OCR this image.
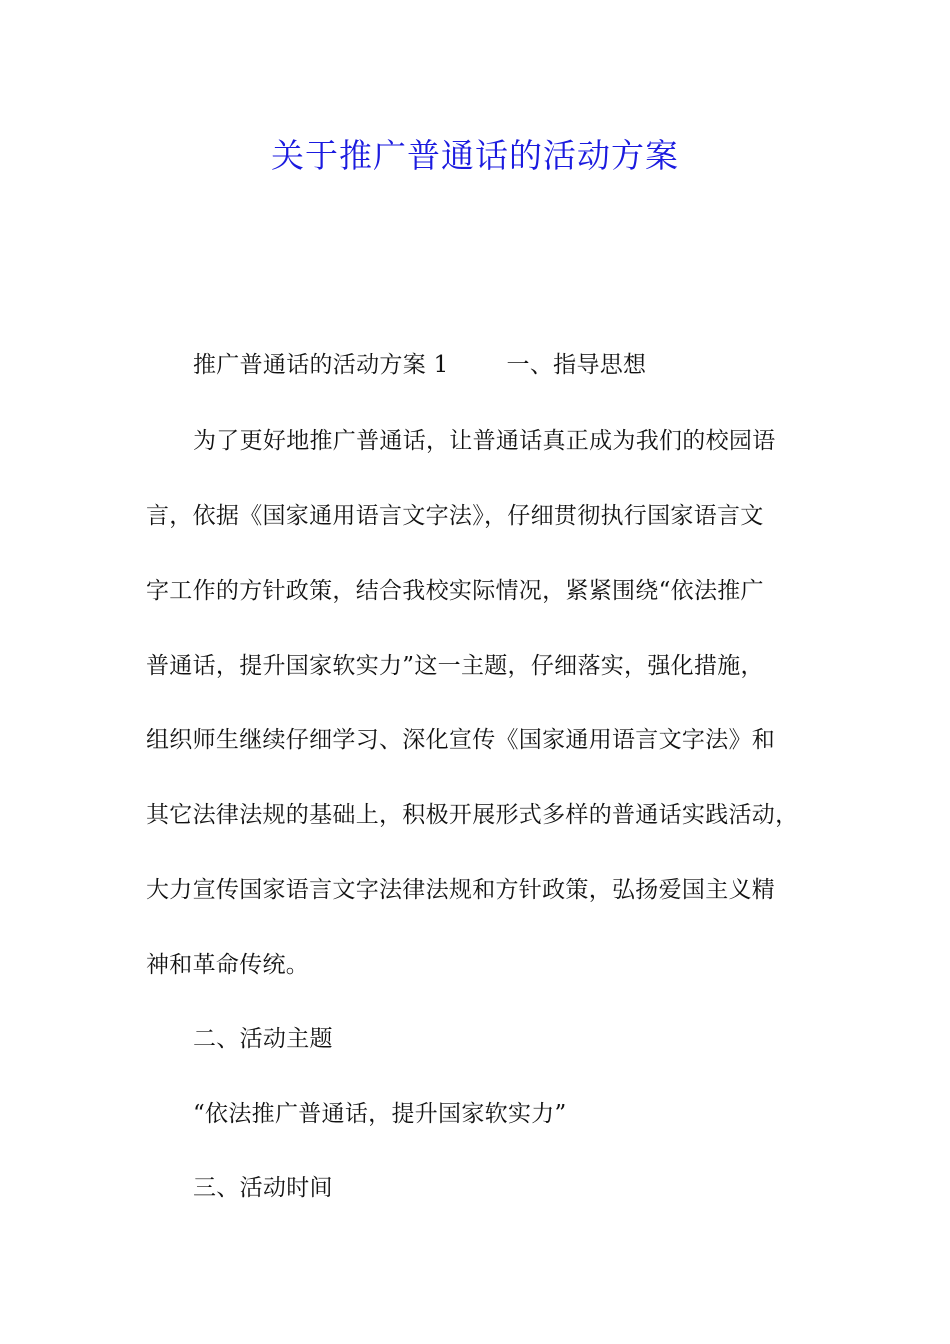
关于推广普通话的活动方案
推广普通话的活动方案 1	一、指导思想
为了更好地推广普通话，让普通话真正成为我们的校园语
言，依据《国家通用语言文字法》，仔细贯彻执行国家语言文
字工作的方针政策，结合我校实际情况，紧紧围绕“依法推广
普通话，提升国家软实力”这一主题，仔细落实，强化措施，
组织师生继续仔细学习、深化宣传《国家通用语言文字法》和
其它法律法规的基础上，积极开展形式多样的普通话实践活动，
大力宣传国家语言文字法律法规和方针政策，弘扬爱国主义精
神和革命传统。
二、活动主题
“依法推广普通话，提升国家软实力”
三、活动时间
